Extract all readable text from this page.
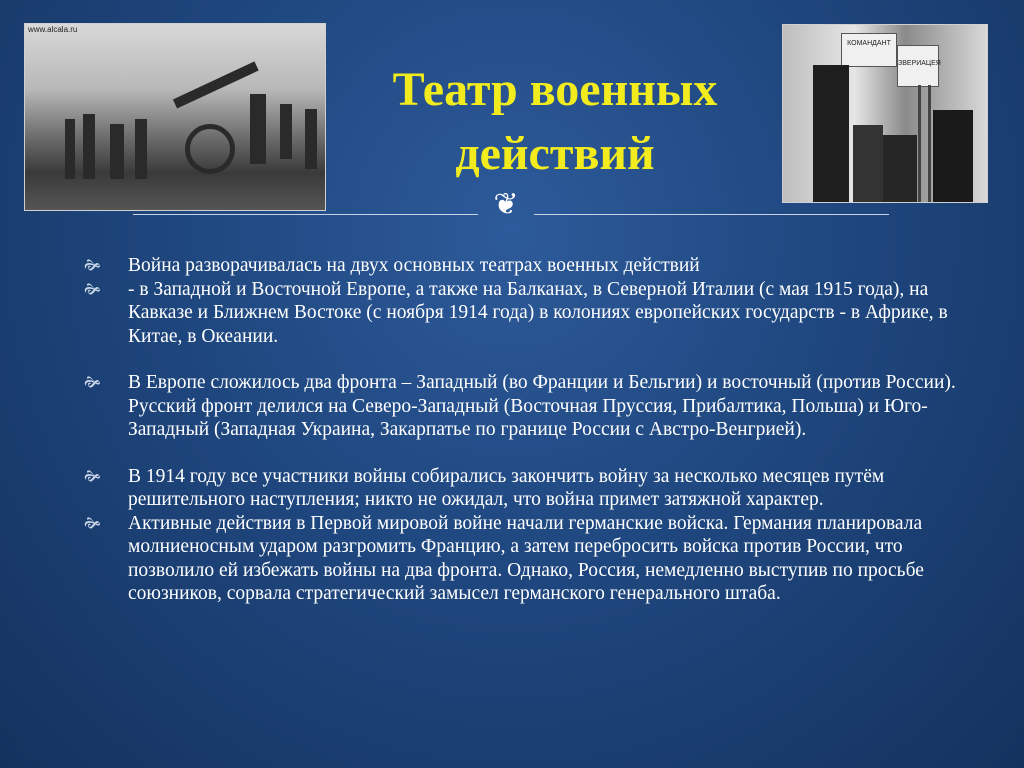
www.alcala.ru
КОМАНДАНТ
ЗВЕРИАЦЕЯ
Театр военных
действий
❦
🙞	Война разворачивалась на двух основных театрах военных действий
🙞	- в Западной и Восточной Европе, а также на Балканах, в Северной Италии (с мая 1915 года), на Кавказе и Ближнем Востоке (с ноября 1914 года) в колониях европейских государств - в Африке, в Китае, в Океании.
🙞	В Европе сложилось два фронта – Западный (во Франции и Бельгии) и восточный (против России). Русский фронт делился на Северо-Западный (Восточная Пруссия, Прибалтика, Польша) и Юго-Западный (Западная Украина, Закарпатье по границе России с Австро-Венгрией).
🙞	В 1914 году все участники войны собирались закончить войну за несколько месяцев путём решительного наступления; никто не ожидал, что война примет затяжной характер.
🙞	Активные действия в Первой мировой войне начали германские войска. Германия планировала молниеносным ударом разгромить Францию, а затем перебросить войска против России, что позволило ей избежать войны на два фронта. Однако, Россия, немедленно выступив по просьбе союзников, сорвала стратегический замысел германского генерального штаба.
